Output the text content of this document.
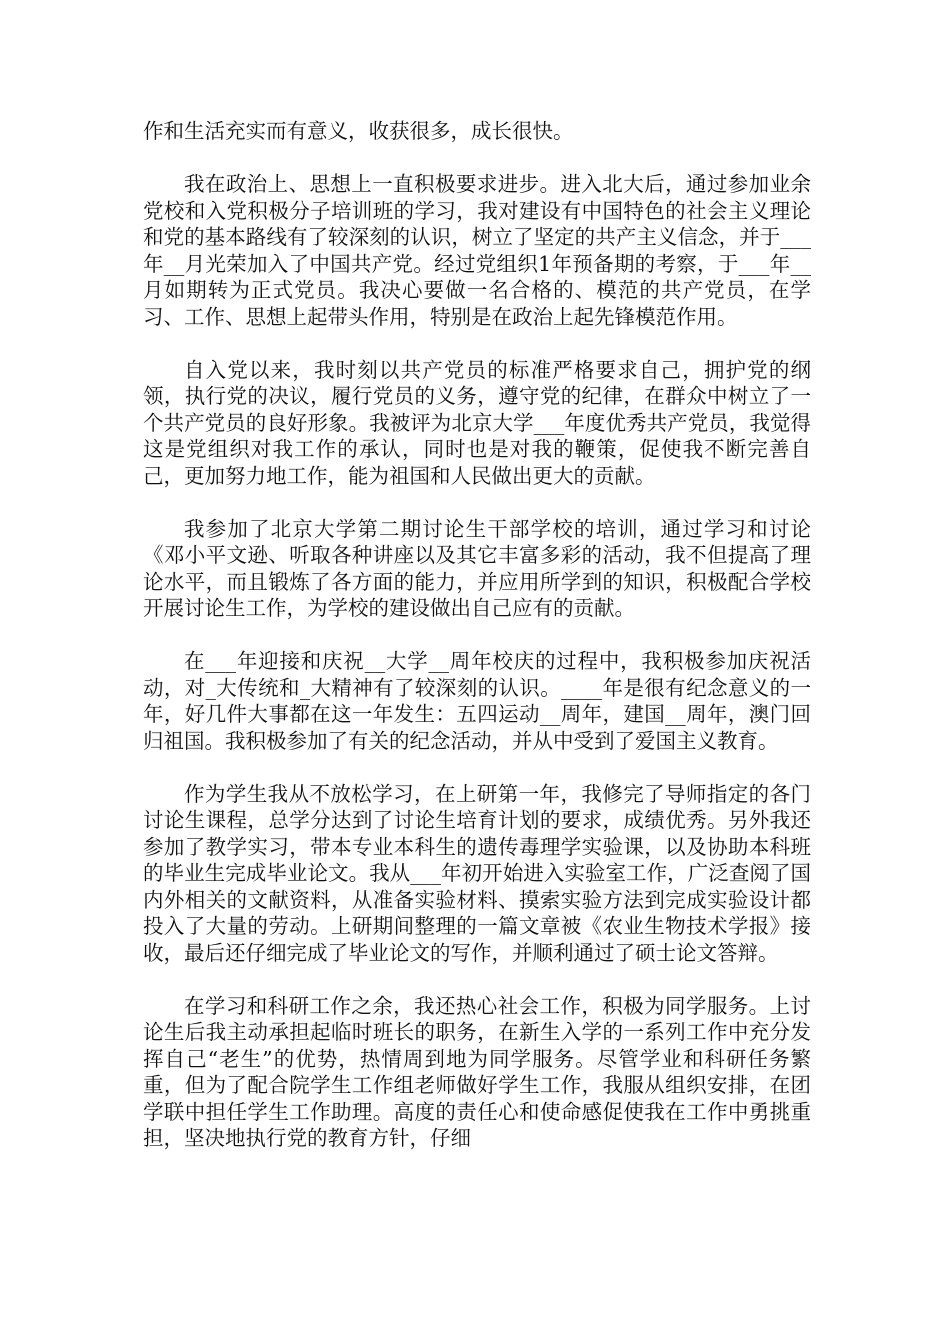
作和生活充实而有意义，收获很多，成长很快。

我在政治上、思想上一直积极要求进步。进入北大后，通过参加业余党校和入党积极分子培训班的学习，我对建设有中国特色的社会主义理论和党的基本路线有了较深刻的认识，树立了坚定的共产主义信念，并于___年__月光荣加入了中国共产党。经过党组织1年预备期的考察，于___年__月如期转为正式党员。我决心要做一名合格的、模范的共产党员，在学习、工作、思想上起带头作用，特别是在政治上起先锋模范作用。

自入党以来，我时刻以共产党员的标准严格要求自己，拥护党的纲领，执行党的决议，履行党员的义务，遵守党的纪律，在群众中树立了一个共产党员的良好形象。我被评为北京大学___年度优秀共产党员，我觉得这是党组织对我工作的承认，同时也是对我的鞭策，促使我不断完善自己，更加努力地工作，能为祖国和人民做出更大的贡献。

我参加了北京大学第二期讨论生干部学校的培训，通过学习和讨论《邓小平文逊、听取各种讲座以及其它丰富多彩的活动，我不但提高了理论水平，而且锻炼了各方面的能力，并应用所学到的知识，积极配合学校开展讨论生工作，为学校的建设做出自己应有的贡献。

在___年迎接和庆祝__大学__周年校庆的过程中，我积极参加庆祝活动，对_大传统和_大精神有了较深刻的认识。____年是很有纪念意义的一年，好几件大事都在这一年发生：五四运动__周年，建国__周年，澳门回归祖国。我积极参加了有关的纪念活动，并从中受到了爱国主义教育。

作为学生我从不放松学习，在上研第一年，我修完了导师指定的各门讨论生课程，总学分达到了讨论生培育计划的要求，成绩优秀。另外我还参加了教学实习，带本专业本科生的遗传毒理学实验课，以及协助本科班的毕业生完成毕业论文。我从___年初开始进入实验室工作，广泛查阅了国内外相关的文献资料，从准备实验材料、摸索实验方法到完成实验设计都投入了大量的劳动。上研期间整理的一篇文章被《农业生物技术学报》接收，最后还仔细完成了毕业论文的写作，并顺利通过了硕士论文答辩。

在学习和科研工作之余，我还热心社会工作，积极为同学服务。上讨论生后我主动承担起临时班长的职务，在新生入学的一系列工作中充分发挥自己“老生”的优势，热情周到地为同学服务。尽管学业和科研任务繁重，但为了配合院学生工作组老师做好学生工作，我服从组织安排，在团学联中担任学生工作助理。高度的责任心和使命感促使我在工作中勇挑重担，坚决地执行党的教育方针，仔细
